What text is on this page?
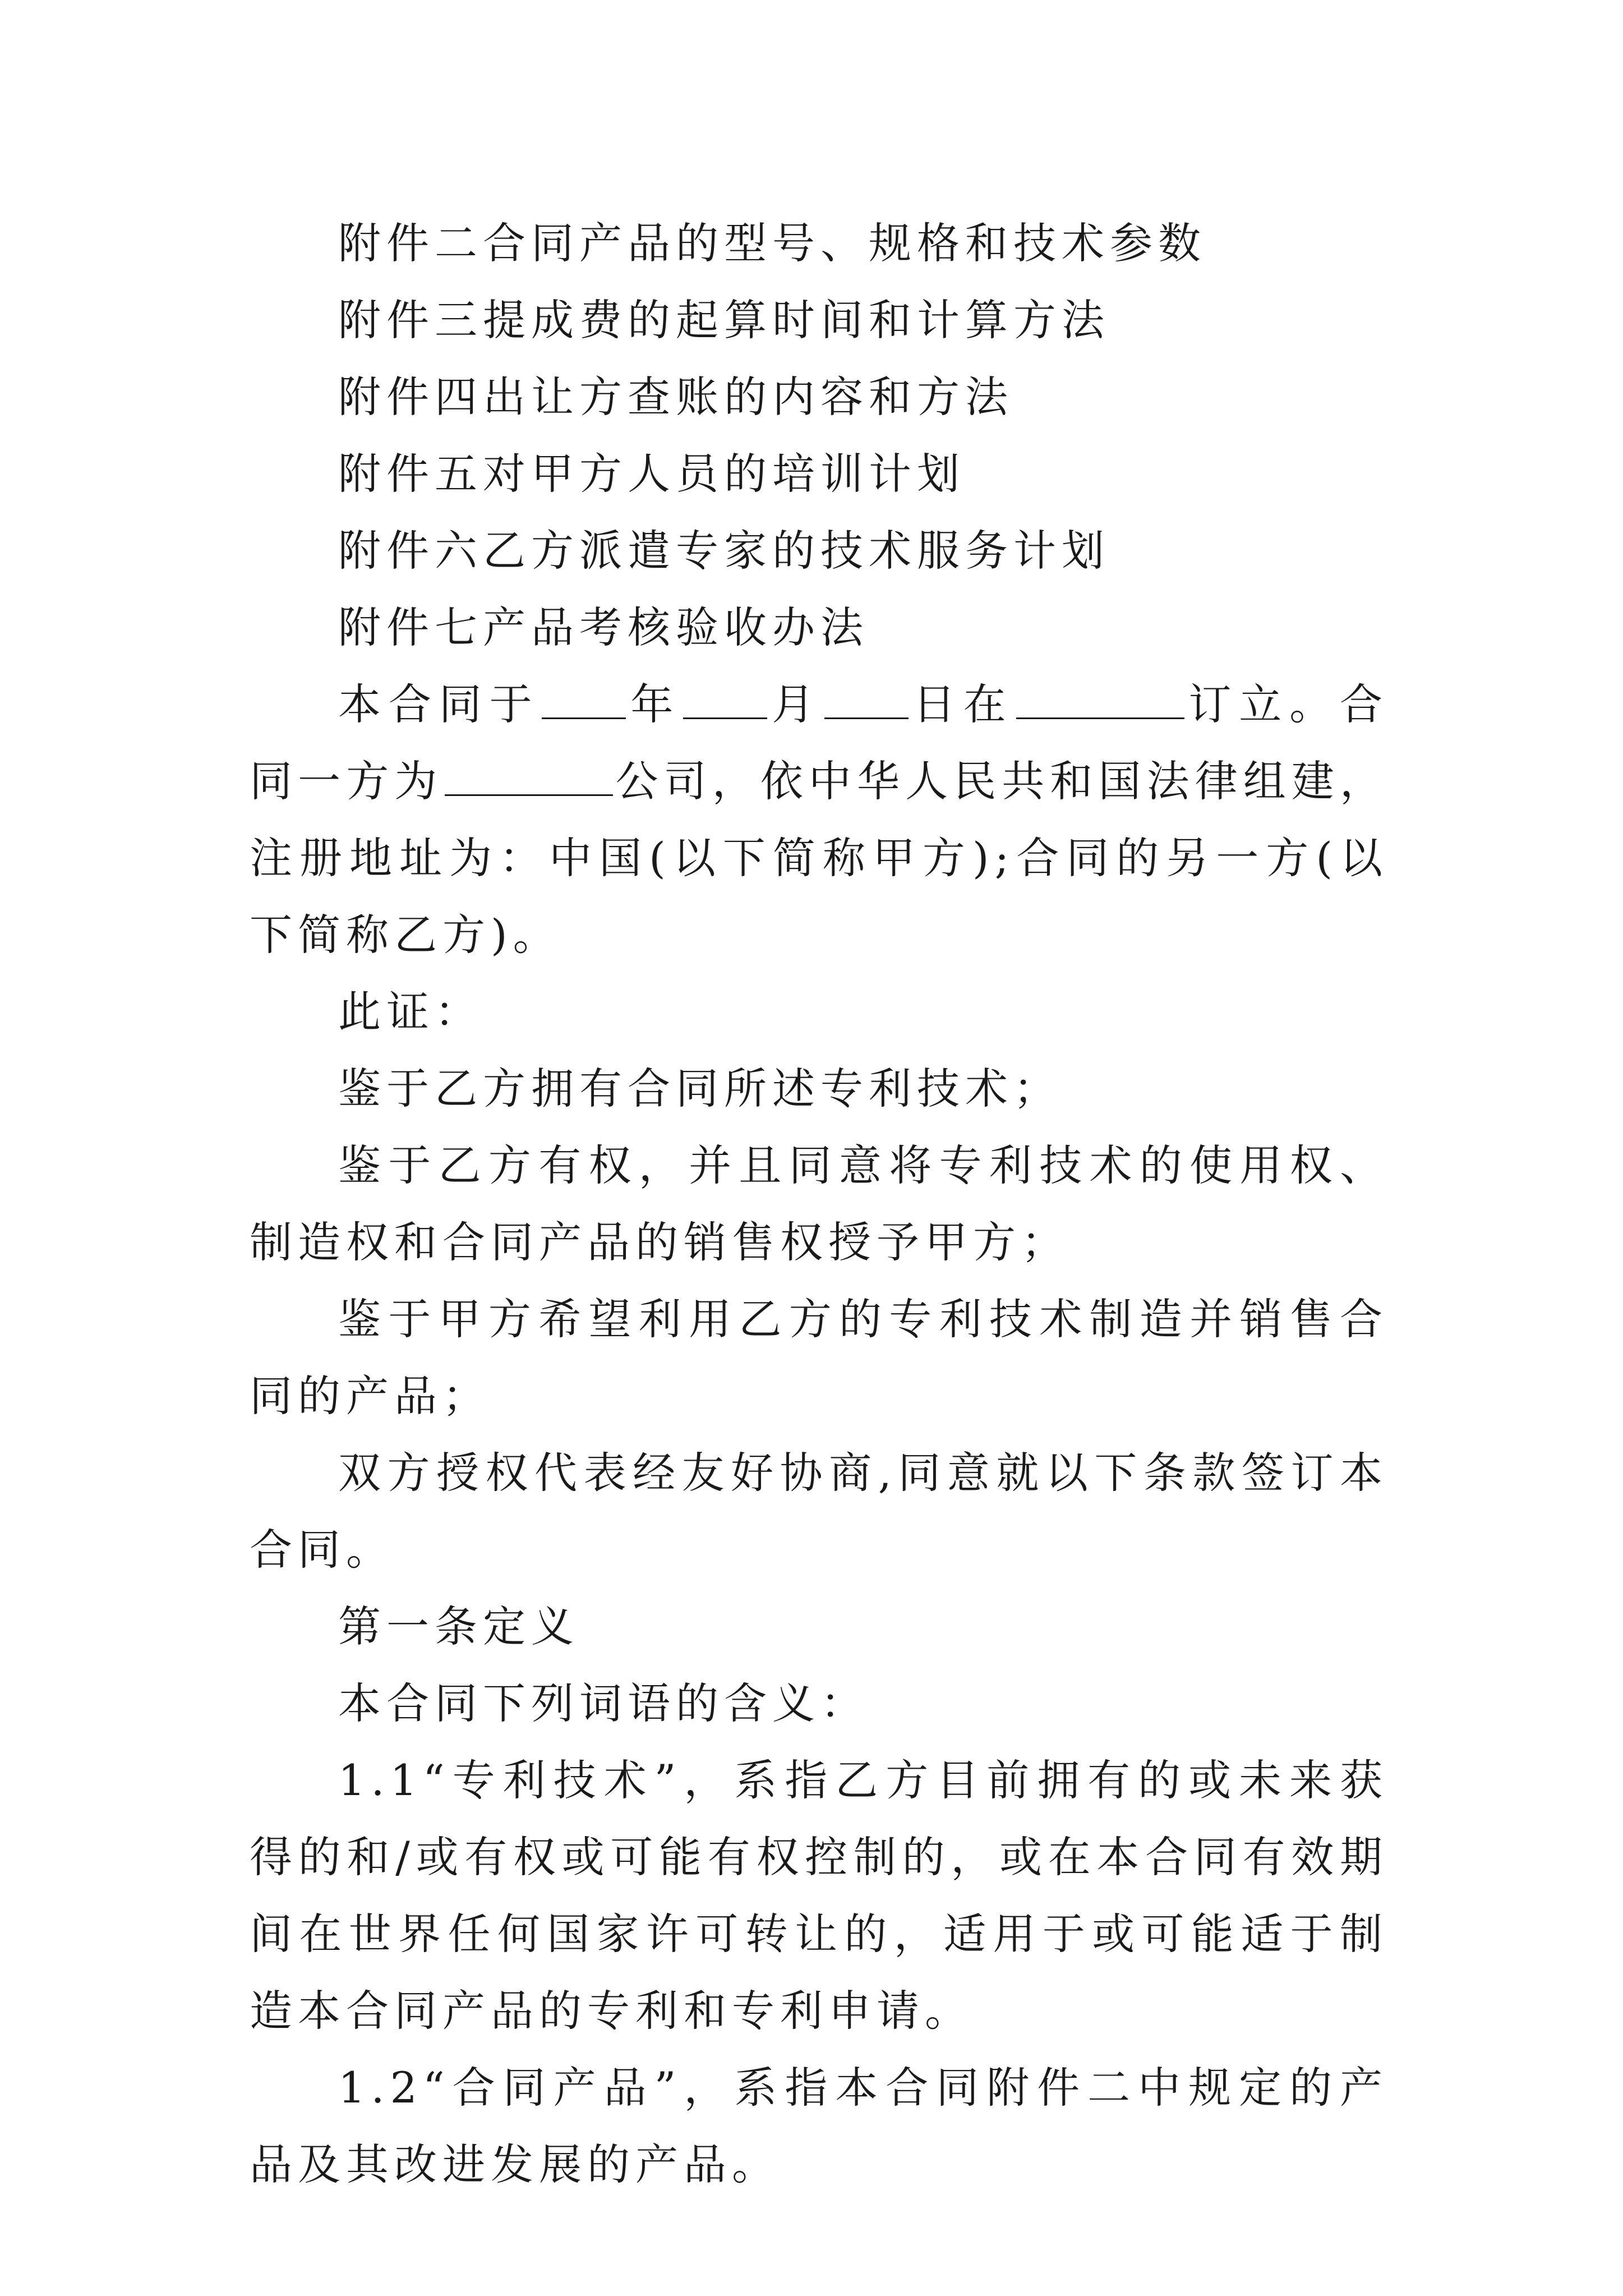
附件二合同产品的型号、规格和技术参数

附件三提成费的起算时间和计算方法

附件四出让方查账的内容和方法

附件五对甲方人员的培训计划

附件六乙方派遣专家的技术服务计划

附件七产品考核验收办法

本合同于 年 月 日在	订立。合同一方为	公司，依中华人民共和国法律组建，注册地址为：中国(以下简称甲方);合同的另一方(以下简称乙方)。

此证：

鉴于乙方拥有合同所述专利技术；

鉴于乙方有权，并且同意将专利技术的使用权、制造权和合同产品的销售权授予甲方；

鉴于甲方希望利用乙方的专利技术制造并销售合同的产品；

双方授权代表经友好协商,同意就以下条款签订本合同。

第一条定义

本合同下列词语的含义：

1.1“专利技术”，系指乙方目前拥有的或未来获得的和/或有权或可能有权控制的，或在本合同有效期间在世界任何国家许可转让的，适用于或可能适于制造本合同产品的专利和专利申请。

1.2“合同产品”，系指本合同附件二中规定的产品及其改进发展的产品。
